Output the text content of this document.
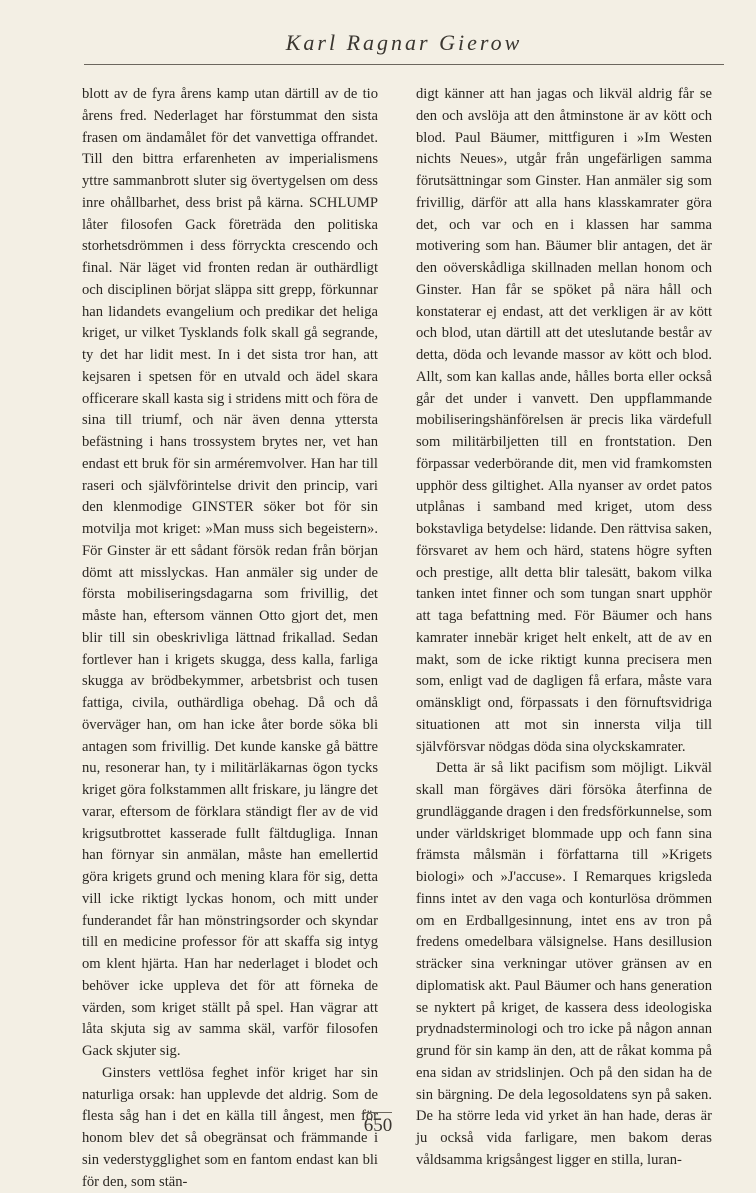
Karl Ragnar Gierow

blott av de fyra årens kamp utan därtill av de tio årens fred. Nederlaget har förstummat den sista frasen om ändamålet för det vanvettiga offrandet. Till den bittra erfarenheten av imperialismens yttre sammanbrott sluter sig övertygelsen om dess inre ohållbarhet, dess brist på kärna. SCHLUMP låter filosofen Gack företräda den politiska storhetsdrömmen i dess förryckta crescendo och final. När läget vid fronten redan är outhärdligt och disciplinen börjat släppa sitt grepp, förkunnar han lidandets evangelium och predikar det heliga kriget, ur vilket Tysklands folk skall gå segrande, ty det har lidit mest. In i det sista tror han, att kejsaren i spetsen för en utvald och ädel skara officerare skall kasta sig i stridens mitt och föra de sina till triumf, och när även denna yttersta befästning i hans trossystem brytes ner, vet han endast ett bruk för sin arméremvolver. Han har till raseri och självförintelse drivit den princip, vari den klenmodige GINSTER söker bot för sin motvilja mot kriget: »Man muss sich begeistern». För Ginster är ett sådant försök redan från början dömt att misslyckas. Han anmäler sig under de första mobiliseringsdagarna som frivillig, det måste han, eftersom vännen Otto gjort det, men blir till sin obeskrivliga lättnad frikallad. Sedan fortlever han i krigets skugga, dess kalla, farliga skugga av brödbekymmer, arbetsbrist och tusen fattiga, civila, outhärdliga obehag. Då och då överväger han, om han icke åter borde söka bli antagen som frivillig. Det kunde kanske gå bättre nu, resonerar han, ty i militärläkarnas ögon tycks kriget göra folkstammen allt friskare, ju längre det varar, eftersom de förklara ständigt fler av de vid krigsutbrottet kasserade fullt fältdugliga. Innan han förnyar sin anmälan, måste han emellertid göra krigets grund och mening klara för sig, detta vill icke riktigt lyckas honom, och mitt under funderandet får han mönstringsorder och skyndar till en medicine professor för att skaffa sig intyg om klent hjärta. Han har nederlaget i blodet och behöver icke uppleva det för att förneka de värden, som kriget ställt på spel. Han vägrar att låta skjuta sig av samma skäl, varför filosofen Gack skjuter sig.

Ginsters vettlösa feghet inför kriget har sin naturliga orsak: han upplevde det aldrig. Som de flesta såg han i det en källa till ångest, men för honom blev det så obegränsat och främmande i sin vederstygglighet som en fantom endast kan bli för den, som stän-

digt känner att han jagas och likväl aldrig får se den och avslöja att den åtminstone är av kött och blod. Paul Bäumer, mittfiguren i »Im Westen nichts Neues», utgår från ungefärligen samma förutsättningar som Ginster. Han anmäler sig som frivillig, därför att alla hans klasskamrater göra det, och var och en i klassen har samma motivering som han. Bäumer blir antagen, det är den oöverskådliga skillnaden mellan honom och Ginster. Han får se spöket på nära håll och konstaterar ej endast, att det verkligen är av kött och blod, utan därtill att det uteslutande består av detta, döda och levande massor av kött och blod. Allt, som kan kallas ande, hålles borta eller också går det under i vanvett. Den uppflammande mobiliseringshänförelsen är precis lika värdefull som militärbiljetten till en frontstation. Den förpassar vederbörande dit, men vid framkomsten upphör dess giltighet. Alla nyanser av ordet patos utplånas i samband med kriget, utom dess bokstavliga betydelse: lidande. Den rättvisa saken, försvaret av hem och härd, statens högre syften och prestige, allt detta blir talesätt, bakom vilka tanken intet finner och som tungan snart upphör att taga befattning med. För Bäumer och hans kamrater innebär kriget helt enkelt, att de av en makt, som de icke riktigt kunna precisera men som, enligt vad de dagligen få erfara, måste vara omänskligt ond, förpassats i den förnuftsvidriga situationen att mot sin innersta vilja till självförsvar nödgas döda sina olyckskamrater.

Detta är så likt pacifism som möjligt. Likväl skall man förgäves däri försöka återfinna de grundläggande dragen i den fredsförkunnelse, som under världskriget blommade upp och fann sina främsta målsmän i författarna till »Krigets biologi» och »J'accuse». I Remarques krigsleda finns intet av den vaga och konturlösa drömmen om en Erdballgesinnung, intet ens av tron på fredens omedelbara välsignelse. Hans desillusion sträcker sina verkningar utöver gränsen av en diplomatisk akt. Paul Bäumer och hans generation se nyktert på kriget, de kassera dess ideologiska prydnadsterminologi och tro icke på någon annan grund för sin kamp än den, att de råkat komma på ena sidan av stridslinjen. Och på den sidan ha de sin bärgning. De dela legosoldatens syn på saken. De ha större leda vid yrket än han hade, deras är ju också vida farligare, men bakom deras våldsamma krigsångest ligger en stilla, luran-

650
